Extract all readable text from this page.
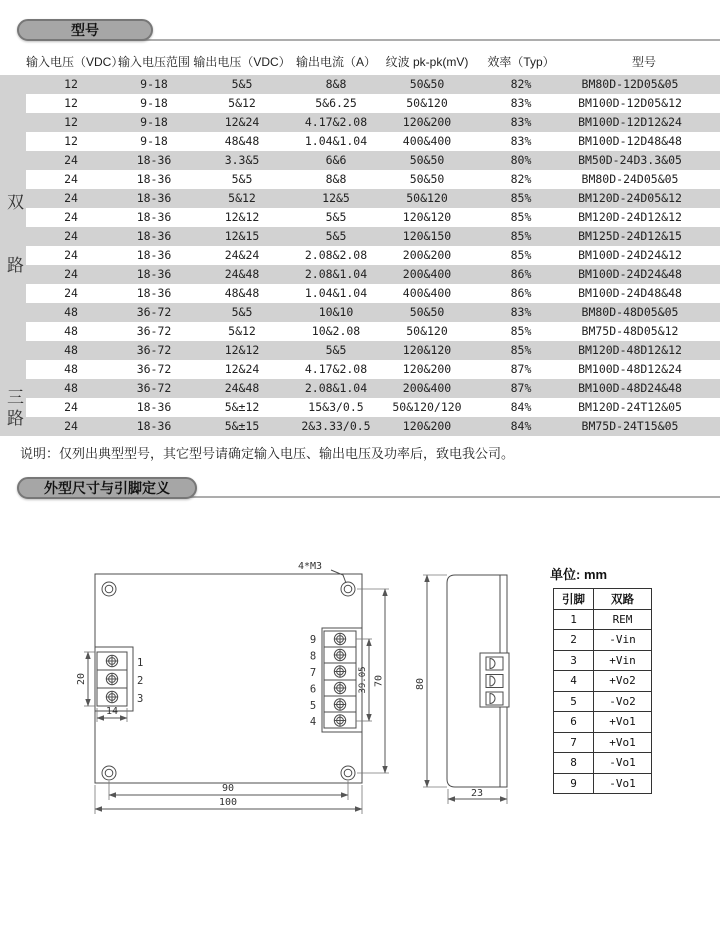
型号
	输入电压（VDC）	输入电压范围	输出电压（VDC）	输出电流（A）	纹波 pk-pk(mV)	效率（Typ）	型号
	12	9-18	5&5	8&8	50&50	82%	BM80D-12D05&05
	12	9-18	5&12	5&6.25	50&120	83%	BM100D-12D05&12
	12	9-18	12&24	4.17&2.08	120&200	83%	BM100D-12D12&24
	12	9-18	48&48	1.04&1.04	400&400	83%	BM100D-12D48&48
	24	18-36	3.3&5	6&6	50&50	80%	BM50D-24D3.3&05
	24	18-36	5&5	8&8	50&50	82%	BM80D-24D05&05
	24	18-36	5&12	12&5	50&120	85%	BM120D-24D05&12
	24	18-36	12&12	5&5	120&120	85%	BM120D-24D12&12
	24	18-36	12&15	5&5	120&150	85%	BM125D-24D12&15
	24	18-36	24&24	2.08&2.08	200&200	85%	BM100D-24D24&12
	24	18-36	24&48	2.08&1.04	200&400	86%	BM100D-24D24&48
	24	18-36	48&48	1.04&1.04	400&400	86%	BM100D-24D48&48
	48	36-72	5&5	10&10	50&50	83%	BM80D-48D05&05
	48	36-72	5&12	10&2.08	50&120	85%	BM75D-48D05&12
	48	36-72	12&12	5&5	120&120	85%	BM120D-48D12&12
	48	36-72	12&24	4.17&2.08	120&200	87%	BM100D-48D12&24
	48	36-72	24&48	2.08&1.04	200&400	87%	BM100D-48D24&48
	24	18-36	5&±12	15&3/0.5	50&120/120	84%	BM120D-24T12&05
	24	18-36	5&±15	2&3.33/0.5	120&200	84%	BM75D-24T15&05
双路
三路
说明：仅列出典型型号，其它型号请确定输入电压、输出电压及功率后，致电我公司。
外型尺寸与引脚定义
4*M3
1
2
3
20
14
9
8
7
6
5
4
39.05 70
90
100
80
23
单位: mm
引脚	双路
1	REM
2	-Vin
3	+Vin
4	+Vo2
5	-Vo2
6	+Vo1
7	+Vo1
8	-Vo1
9	-Vo1
